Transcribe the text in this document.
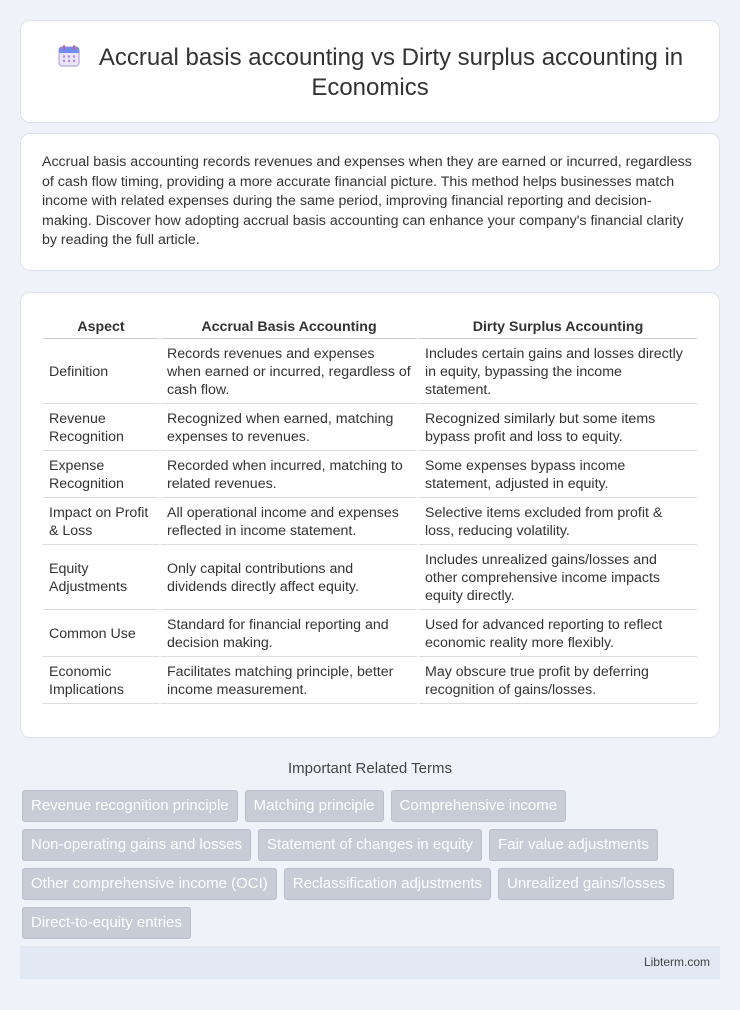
Accrual basis accounting vs Dirty surplus accounting in Economics

Accrual basis accounting records revenues and expenses when they are earned or incurred, regardless of cash flow timing, providing a more accurate financial picture. This method helps businesses match income with related expenses during the same period, improving financial reporting and decision-making. Discover how adopting accrual basis accounting can enhance your company's financial clarity by reading the full article.

Aspect	Accrual Basis Accounting	Dirty Surplus Accounting
Definition	Records revenues and expenses when earned or incurred, regardless of cash flow.	Includes certain gains and losses directly in equity, bypassing the income statement.
Revenue Recognition	Recognized when earned, matching expenses to revenues.	Recognized similarly but some items bypass profit and loss to equity.
Expense Recognition	Recorded when incurred, matching to related revenues.	Some expenses bypass income statement, adjusted in equity.
Impact on Profit & Loss	All operational income and expenses reflected in income statement.	Selective items excluded from profit & loss, reducing volatility.
Equity Adjustments	Only capital contributions and dividends directly affect equity.	Includes unrealized gains/losses and other comprehensive income impacts equity directly.
Common Use	Standard for financial reporting and decision making.	Used for advanced reporting to reflect economic reality more flexibly.
Economic Implications	Facilitates matching principle, better income measurement.	May obscure true profit by deferring recognition of gains/losses.
Important Related Terms
Revenue recognition principle	Matching principle	Comprehensive income
Non-operating gains and losses	Statement of changes in equity	Fair value adjustments
Other comprehensive income (OCI)	Reclassification adjustments	Unrealized gains/losses
Direct-to-equity entries
Libterm.com
